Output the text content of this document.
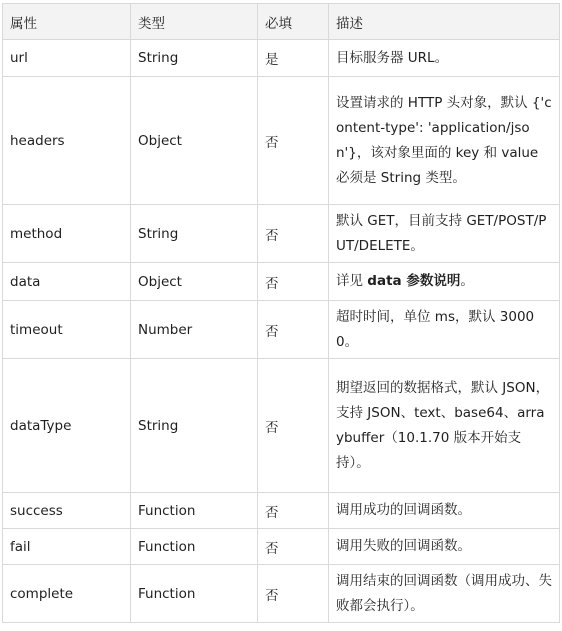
属性	类型	必填	描述
url	String	是	目标服务器 URL。
headers	Object	否	设置请求的 HTTP 头对象，默认 {'content-type': 'application/json'}，该对象里面的 key 和 value 必须是 String 类型。
method	String	否	默认 GET，目前支持 GET/POST/PUT/DELETE。
data	Object	否	详见 data 参数说明。
timeout	Number	否	超时时间，单位 ms，默认 30000。
dataType	String	否	期望返回的数据格式，默认 JSON，支持 JSON、text、base64、arraybuffer（10.1.70 版本开始支持）。
success	Function	否	调用成功的回调函数。
fail	Function	否	调用失败的回调函数。
complete	Function	否	调用结束的回调函数（调用成功、失败都会执行）。
